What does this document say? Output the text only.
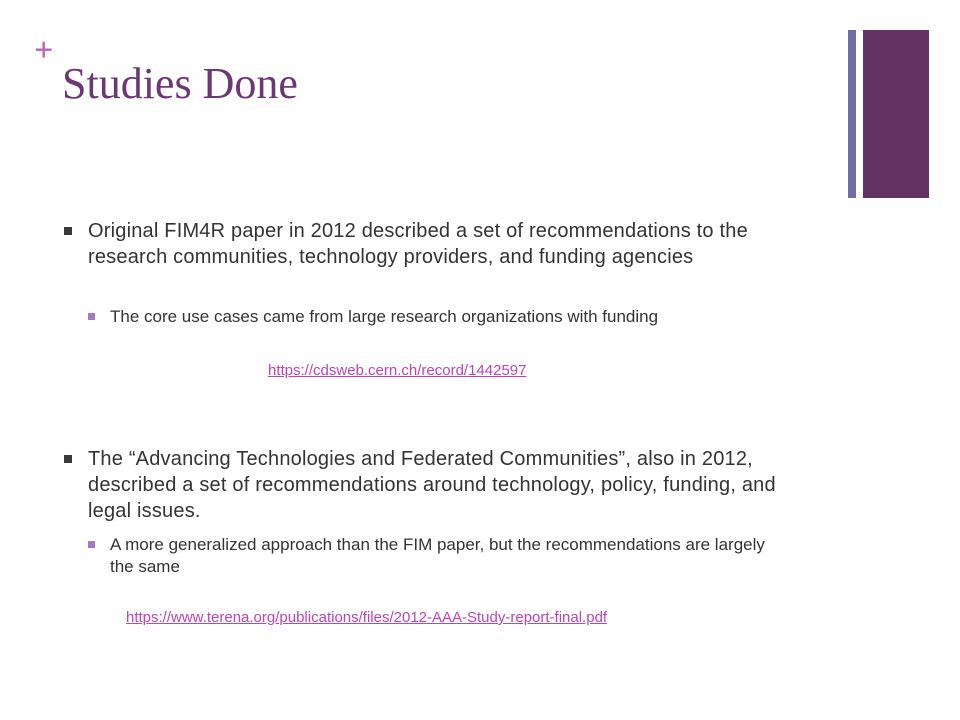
+
Studies Done
Original FIM4R paper in 2012 described a set of recommendations to the research communities, technology providers, and funding agencies
The core use cases came from large research organizations with funding
https://cdsweb.cern.ch/record/1442597
The “Advancing Technologies and Federated Communities”, also in 2012, described a set of recommendations around technology, policy, funding, and legal issues.
A more generalized approach than the FIM paper, but the recommendations are largely the same
https://www.terena.org/publications/files/2012-AAA-Study-report-final.pdf
